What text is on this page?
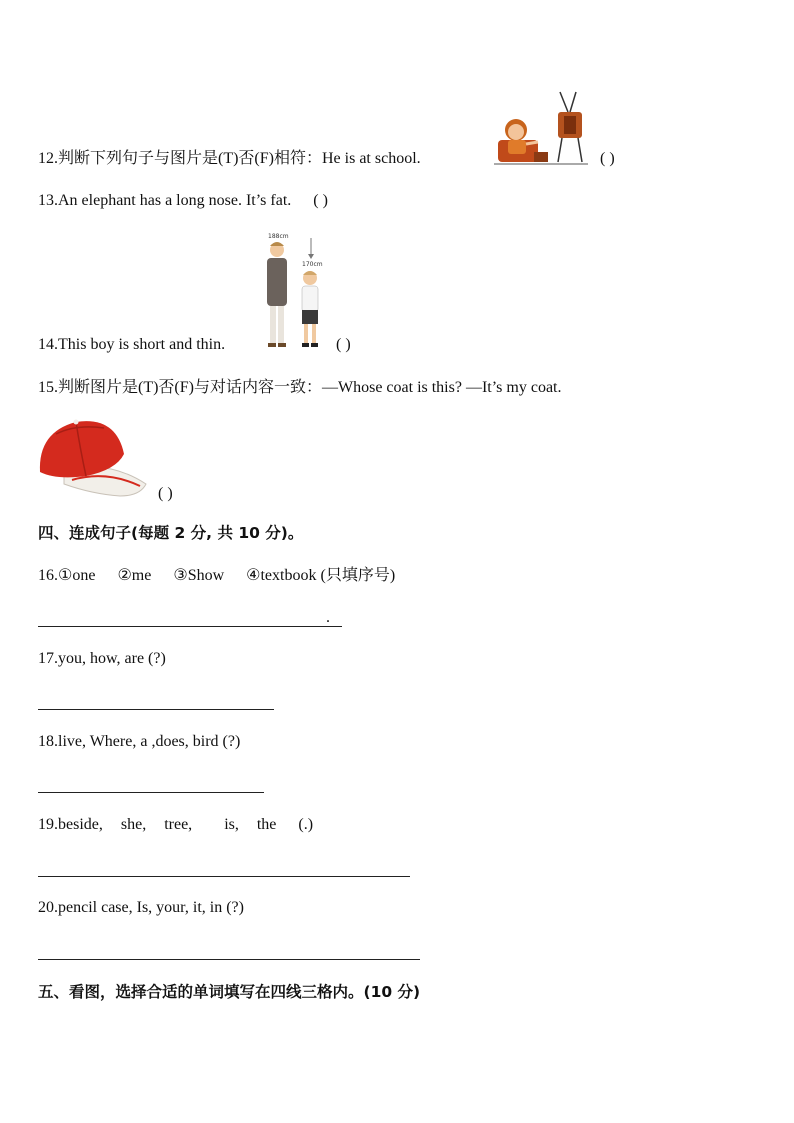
12.判断下列句子与图片是(T)否(F)相符：He is at school.	( )
13.An elephant has a long nose. It’s fat. ( )
188cm
170cm
14.This boy is short and thin.	( )
15.判断图片是(T)否(F)与对话内容一致：—Whose coat is this? —It’s my coat.
( )
四、连成句子(每题 2 分, 共 10 分)。
16.①one ②me ③Show ④textbook (只填序号)
.
17.you, how, are (?)
18.live, Where, a ,does, bird (?)
19.beside, she, tree, is, the (.)
20.pencil case, Is, your, it, in (?)
五、看图，选择合适的单词填写在四线三格内。(10 分)
